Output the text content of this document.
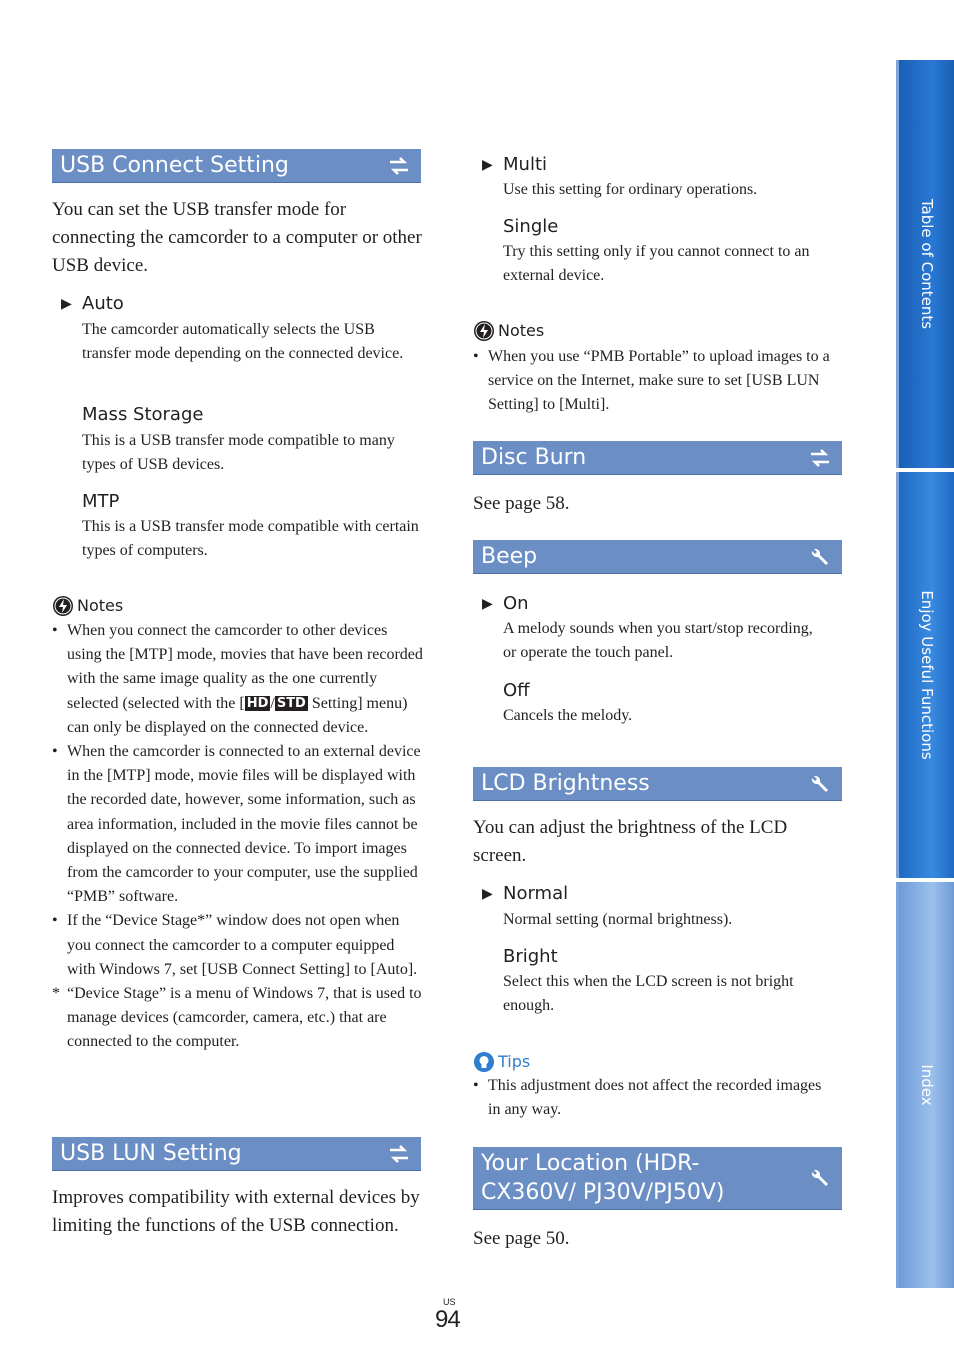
Table of Contents
Enjoy Useful Functions
Index
USB Connect Setting
You can set the USB transfer mode for connecting the camcorder to a computer or other USB device.
▶ Auto
The camcorder automatically selects the USB transfer mode depending on the connected device.
Mass Storage
This is a USB transfer mode compatible to many types of USB devices.
MTP
This is a USB transfer mode compatible with certain types of computers.
Notes
• When you connect the camcorder to other devices using the [MTP] mode, movies that have been recorded with the same image quality as the one currently selected (selected with the [ HD / STD Setting] menu) can only be displayed on the connected device.
• When the camcorder is connected to an external device in the [MTP] mode, movie files will be displayed with the recorded date, however, some information, such as area information, included in the movie files cannot be displayed on the connected device. To import images from the camcorder to your computer, use the supplied “PMB” software.
• If the “Device Stage*” window does not open when you connect the camcorder to a computer equipped with Windows 7, set [USB Connect Setting] to [Auto].
* “Device Stage” is a menu of Windows 7, that is used to manage devices (camcorder, camera, etc.) that are connected to the computer.
USB LUN Setting
Improves compatibility with external devices by limiting the functions of the USB connection.
▶ Multi
Use this setting for ordinary operations.
Single
Try this setting only if you cannot connect to an external device.
Notes
• When you use “PMB Portable” to upload images to a service on the Internet, make sure to set [USB LUN Setting] to [Multi].
Disc Burn
See page 58.
Beep
▶ On
A melody sounds when you start/stop recording, or operate the touch panel.
Off
Cancels the melody.
LCD Brightness
You can adjust the brightness of the LCD screen.
▶ Normal
Normal setting (normal brightness).
Bright
Select this when the LCD screen is not bright enough.
Tips
• This adjustment does not affect the recorded images in any way.
Your Location (HDR-CX360V/ PJ30V/PJ50V)
See page 50.
US
94
